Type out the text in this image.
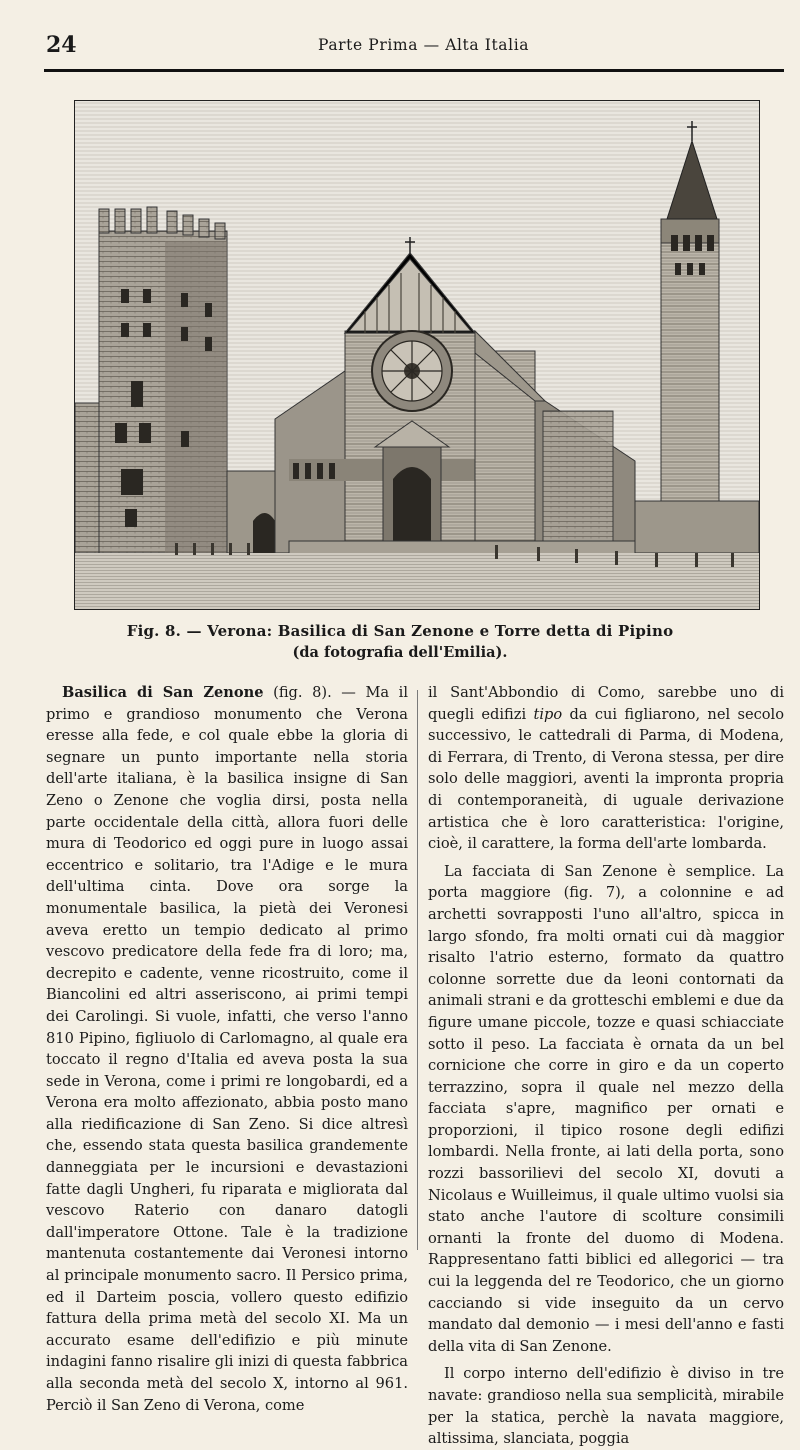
24	Parte Prima — Alta Italia
Fig. 8. — Verona: Basilica di San Zenone e Torre detta di Pipino
(da fotografia dell'Emilia).

Basilica di San Zenone (fig. 8). — Ma il primo e grandioso monumento che Verona eresse alla fede, e col quale ebbe la gloria di segnare un punto importante nella storia dell'arte italiana, è la basilica insigne di San Zeno o Zenone che voglia dirsi, posta nella parte occidentale della città, allora fuori delle mura di Teodorico ed oggi pure in luogo assai eccentrico e solitario, tra l'Adige e le mura dell'ultima cinta. Dove ora sorge la monumentale basilica, la pietà dei Veronesi aveva eretto un tempio dedicato al primo vescovo predicatore della fede fra di loro; ma, decrepito e cadente, venne ricostruito, come il Biancolini ed altri asseriscono, ai primi tempi dei Carolingi. Si vuole, infatti, che verso l'anno 810 Pipino, figliuolo di Carlomagno, al quale era toccato il regno d'Italia ed aveva posta la sua sede in Verona, come i primi re longobardi, ed a Verona era molto affezionato, abbia posto mano alla riedificazione di San Zeno. Si dice altresì che, essendo stata questa basilica grandemente danneggiata per le incursioni e devastazioni fatte dagli Ungheri, fu riparata e migliorata dal vescovo Raterio con danaro datogli dall'imperatore Ottone. Tale è la tradizione mantenuta costantemente dai Veronesi intorno al principale monumento sacro. Il Persico prima, ed il Darteim poscia, vollero questo edifizio fattura della prima metà del secolo XI. Ma un accurato esame dell'edifizio e più minute indagini fanno risalire gli inizi di questa fabbrica alla seconda metà del secolo X, intorno al 961. Perciò il San Zeno di Verona, come

il Sant'Abbondio di Como, sarebbe uno di quegli edifizi tipo da cui figliarono, nel secolo successivo, le cattedrali di Parma, di Modena, di Ferrara, di Trento, di Verona stessa, per dire solo delle maggiori, aventi la impronta propria di contemporaneità, di uguale derivazione artistica che è loro caratteristica: l'origine, cioè, il carattere, la forma dell'arte lombarda.

La facciata di San Zenone è semplice. La porta maggiore (fig. 7), a colonnine e ad archetti sovrapposti l'uno all'altro, spicca in largo sfondo, fra molti ornati cui dà maggior risalto l'atrio esterno, formato da quattro colonne sorrette due da leoni contornati da animali strani e da grotteschi emblemi e due da figure umane piccole, tozze e quasi schiacciate sotto il peso. La facciata è ornata da un bel cornicione che corre in giro e da un coperto terrazzino, sopra il quale nel mezzo della facciata s'apre, magnifico per ornati e proporzioni, il tipico rosone degli edifizi lombardi. Nella fronte, ai lati della porta, sono rozzi bassorilievi del secolo XI, dovuti a Nicolaus e Wuilleimus, il quale ultimo vuolsi sia stato anche l'autore di scolture consimili ornanti la fronte del duomo di Modena. Rappresentano fatti biblici ed allegorici — tra cui la leggenda del re Teodorico, che un giorno cacciando si vide inseguito da un cervo mandato dal demonio — i mesi dell'anno e fasti della vita di San Zenone.

Il corpo interno dell'edifizio è diviso in tre navate: grandioso nella sua semplicità, mirabile per la statica, perchè la navata maggiore, altissima, slanciata, poggia
